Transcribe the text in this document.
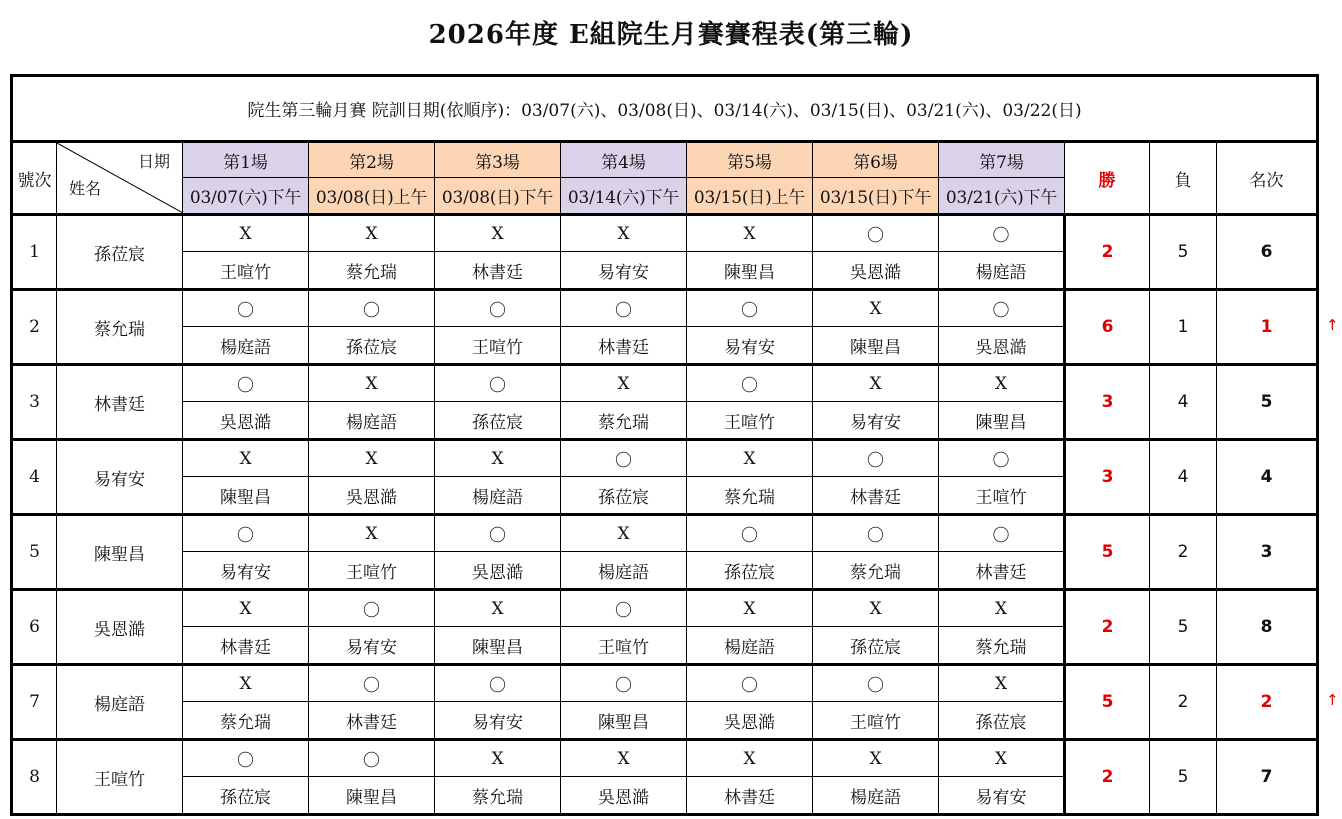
2026年度 E組院生月賽賽程表(第三輪)
院生第三輪月賽 院訓日期(依順序)：03/07(六)、03/08(日)、03/14(六)、03/15(日)、03/21(六)、03/22(日)											
號次	日期
姓名	第1場	第2場	第3場	第4場	第5場	第6場	第7場	勝	負	名次
		03/07(六)下午	03/08(日)上午	03/08(日)下午	03/14(六)下午	03/15(日)上午	03/15(日)下午	03/21(六)下午			
1	孫莅宸	X	X	X	X	X	〇	〇	2	5	6
		王喧竹	蔡允瑞	林書廷	易宥安	陳聖昌	吳恩澔	楊庭語			
2	蔡允瑞	〇	〇	〇	〇	〇	X	〇	6	1	1
		楊庭語	孫莅宸	王喧竹	林書廷	易宥安	陳聖昌	吳恩澔			
3	林書廷	〇	X	〇	X	〇	X	X	3	4	5
		吳恩澔	楊庭語	孫莅宸	蔡允瑞	王喧竹	易宥安	陳聖昌			
4	易宥安	X	X	X	〇	X	〇	〇	3	4	4
		陳聖昌	吳恩澔	楊庭語	孫莅宸	蔡允瑞	林書廷	王喧竹			
5	陳聖昌	〇	X	〇	X	〇	〇	〇	5	2	3
		易宥安	王喧竹	吳恩澔	楊庭語	孫莅宸	蔡允瑞	林書廷			
6	吳恩澔	X	〇	X	〇	X	X	X	2	5	8
		林書廷	易宥安	陳聖昌	王喧竹	楊庭語	孫莅宸	蔡允瑞			
7	楊庭語	X	〇	〇	〇	〇	〇	X	5	2	2
		蔡允瑞	林書廷	易宥安	陳聖昌	吳恩澔	王喧竹	孫莅宸			
8	王喧竹	〇	〇	X	X	X	X	X	2	5	7
		孫莅宸	陳聖昌	蔡允瑞	吳恩澔	林書廷	楊庭語	易宥安			
↑
↑
